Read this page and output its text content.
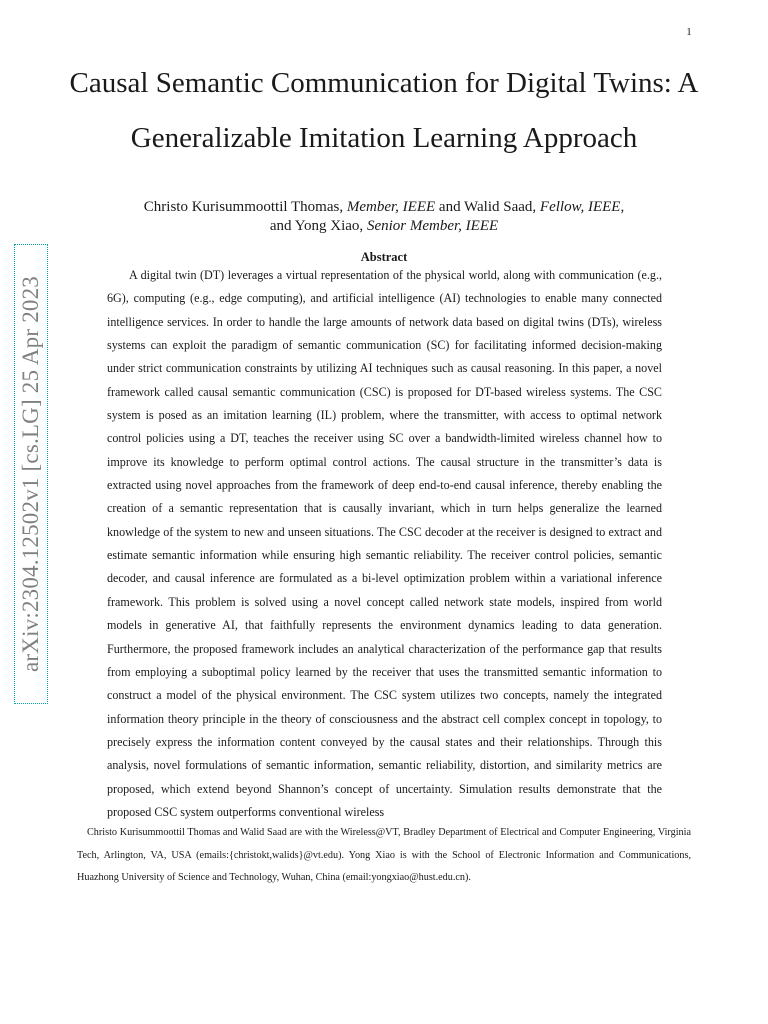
1
Causal Semantic Communication for Digital Twins: A Generalizable Imitation Learning Approach
Christo Kurisummoottil Thomas, Member, IEEE and Walid Saad, Fellow, IEEE,
and Yong Xiao, Senior Member, IEEE
arXiv:2304.12502v1 [cs.LG] 25 Apr 2023
Abstract

A digital twin (DT) leverages a virtual representation of the physical world, along with communication (e.g., 6G), computing (e.g., edge computing), and artificial intelligence (AI) technologies to enable many connected intelligence services. In order to handle the large amounts of network data based on digital twins (DTs), wireless systems can exploit the paradigm of semantic communication (SC) for facilitating informed decision-making under strict communication constraints by utilizing AI techniques such as causal reasoning. In this paper, a novel framework called causal semantic communication (CSC) is proposed for DT-based wireless systems. The CSC system is posed as an imitation learning (IL) problem, where the transmitter, with access to optimal network control policies using a DT, teaches the receiver using SC over a bandwidth-limited wireless channel how to improve its knowledge to perform optimal control actions. The causal structure in the transmitter’s data is extracted using novel approaches from the framework of deep end-to-end causal inference, thereby enabling the creation of a semantic representation that is causally invariant, which in turn helps generalize the learned knowledge of the system to new and unseen situations. The CSC decoder at the receiver is designed to extract and estimate semantic information while ensuring high semantic reliability. The receiver control policies, semantic decoder, and causal inference are formulated as a bi-level optimization problem within a variational inference framework. This problem is solved using a novel concept called network state models, inspired from world models in generative AI, that faithfully represents the environment dynamics leading to data generation. Furthermore, the proposed framework includes an analytical characterization of the performance gap that results from employing a suboptimal policy learned by the receiver that uses the transmitted semantic information to construct a model of the physical environment. The CSC system utilizes two concepts, namely the integrated information theory principle in the theory of consciousness and the abstract cell complex concept in topology, to precisely express the information content conveyed by the causal states and their relationships. Through this analysis, novel formulations of semantic information, semantic reliability, distortion, and similarity metrics are proposed, which extend beyond Shannon’s concept of uncertainty. Simulation results demonstrate that the proposed CSC system outperforms conventional wireless

Christo Kurisummoottil Thomas and Walid Saad are with the Wireless@VT, Bradley Department of Electrical and Computer Engineering, Virginia Tech, Arlington, VA, USA (emails:{christokt,walids}@vt.edu). Yong Xiao is with the School of Electronic Information and Communications, Huazhong University of Science and Technology, Wuhan, China (email:yongxiao@hust.edu.cn).
